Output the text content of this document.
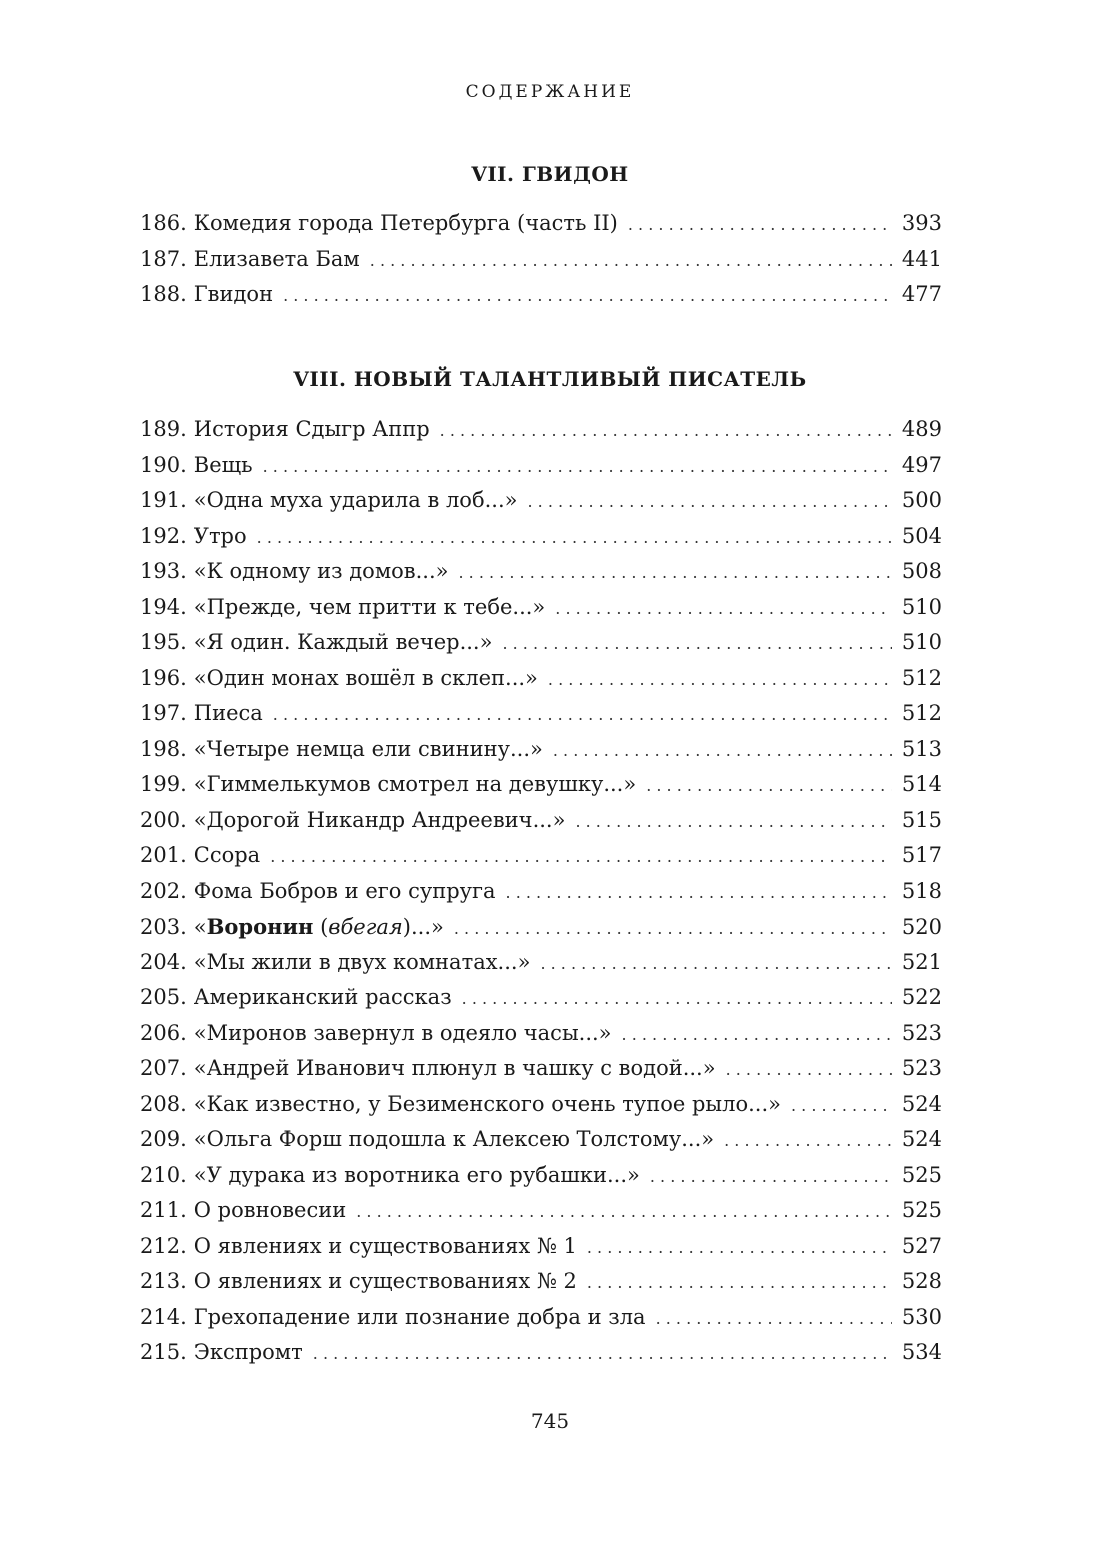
СОДЕРЖАНИЕ
VII. ГВИДОН
186. Комедия города Петербурга (часть II) . . .	393
187. Елизавета Бам . . .	441
188. Гвидон . . .	477
VIII. НОВЫЙ ТАЛАНТЛИВЫЙ ПИСАТЕЛЬ
189. История Сдыгр Аппр . . .	489
190. Вещь . . .	497
191. «Одна муха ударила в лоб...» . . .	500
192. Утро . . .	504
193. «К одному из домов...» . . .	508
194. «Прежде, чем притти к тебе...» . . .	510
195. «Я один. Каждый вечер...» . . .	510
196. «Один монах вошёл в склеп...» . . .	512
197. Пиеса . . .	512
198. «Четыре немца ели свинину...» . . .	513
199. «Гиммелькумов смотрел на девушку...» . . .	514
200. «Дорогой Никандр Андреевич...» . . .	515
201. Ссора . . .	517
202. Фома Бобров и его супруга . . .	518
203. «Воронин (вбегая)...» . . .	520
204. «Мы жили в двух комнатах...» . . .	521
205. Американский рассказ . . .	522
206. «Миронов завернул в одеяло часы...» . . .	523
207. «Андрей Иванович плюнул в чашку с водой...» . . .	523
208. «Как известно, у Безименского очень тупое рыло...» . . .	524
209. «Ольга Форш подошла к Алексею Толстому...» . . .	524
210. «У дурака из воротника его рубашки...» . . .	525
211. О ровновесии . . .	525
212. О явлениях и существованиях № 1 . . .	527
213. О явлениях и существованиях № 2 . . .	528
214. Грехопадение или познание добра и зла . . .	530
215. Экспромт . . .	534
745
